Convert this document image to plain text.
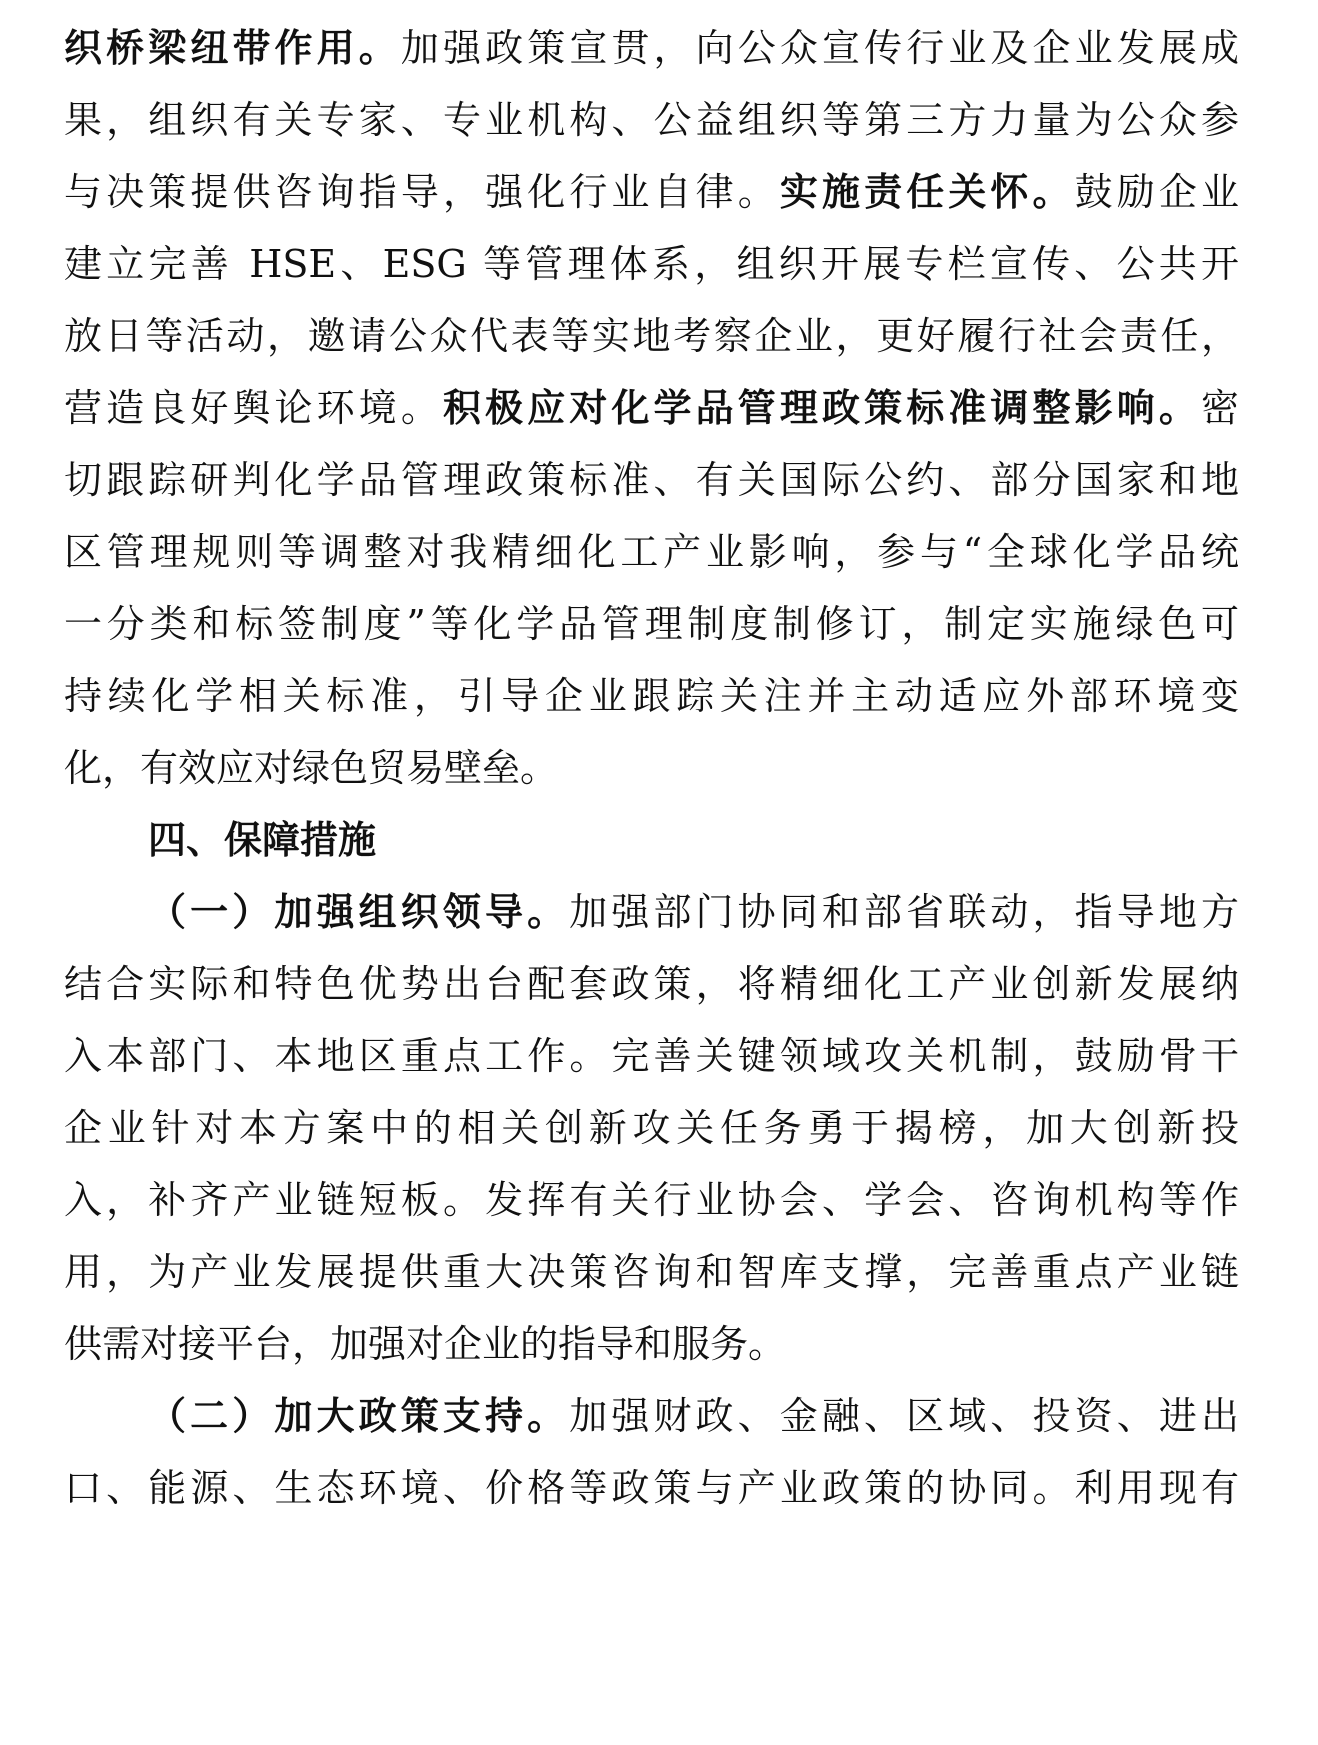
织桥梁纽带作用。加强政策宣贯，向公众宣传行业及企业发展成
果，组织有关专家、专业机构、公益组织等第三方力量为公众参
与决策提供咨询指导，强化行业自律。实施责任关怀。鼓励企业
建立完善 HSE、ESG 等管理体系，组织开展专栏宣传、公共开
放日等活动，邀请公众代表等实地考察企业，更好履行社会责任，
营造良好舆论环境。积极应对化学品管理政策标准调整影响。密
切跟踪研判化学品管理政策标准、有关国际公约、部分国家和地
区管理规则等调整对我精细化工产业影响，参与“全球化学品统
一分类和标签制度”等化学品管理制度制修订，制定实施绿色可
持续化学相关标准，引导企业跟踪关注并主动适应外部环境变
化，有效应对绿色贸易壁垒。
四、保障措施
（一）加强组织领导。加强部门协同和部省联动，指导地方
结合实际和特色优势出台配套政策，将精细化工产业创新发展纳
入本部门、本地区重点工作。完善关键领域攻关机制，鼓励骨干
企业针对本方案中的相关创新攻关任务勇于揭榜，加大创新投
入，补齐产业链短板。发挥有关行业协会、学会、咨询机构等作
用，为产业发展提供重大决策咨询和智库支撑，完善重点产业链
供需对接平台，加强对企业的指导和服务。
（二）加大政策支持。加强财政、金融、区域、投资、进出
口、能源、生态环境、价格等政策与产业政策的协同。利用现有
